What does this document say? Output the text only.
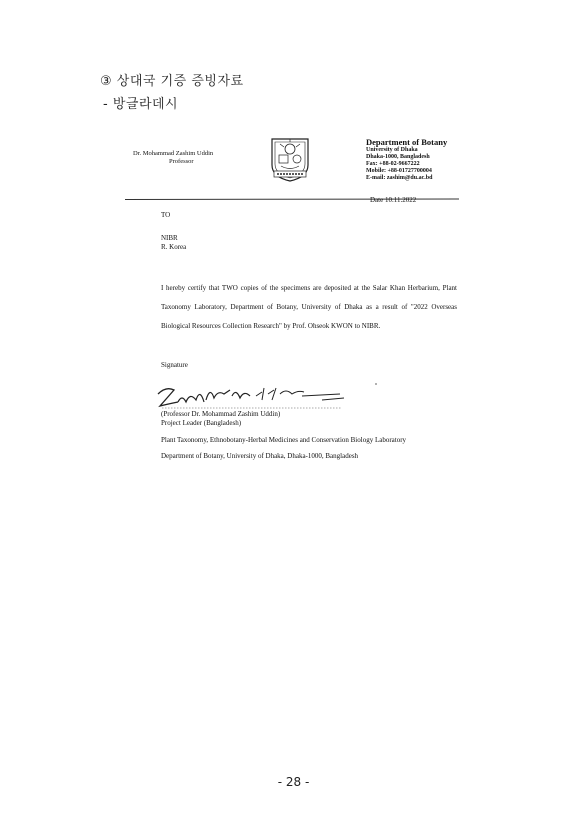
③ 상대국 기증 증빙자료
- 방글라데시
Dr. Mohammad Zashim Uddin
Professor
Department of Botany
University of Dhaka
Dhaka-1000, Bangladesh
Fax: +88-02-9667222
Mobile: +88-01727700004
E-mail: zashim@du.ac.bd
Date 10.11.2022
TO
NIBR
R. Korea
I hereby certify that TWO copies of the specimens are deposited at the Salar Khan Herbarium, Plant Taxonomy Laboratory, Department of Botany, University of Dhaka as a result of "2022 Overseas Biological Resources Collection Research" by Prof. Ohseok KWON to NIBR.
Signature
(Professor Dr. Mohammad Zashim Uddin)
Project Leader (Bangladesh)
Plant Taxonomy, Ethnobotany-Herbal Medicines and Conservation Biology Laboratory
Department of Botany, University of Dhaka, Dhaka-1000, Bangladesh
- 28 -
